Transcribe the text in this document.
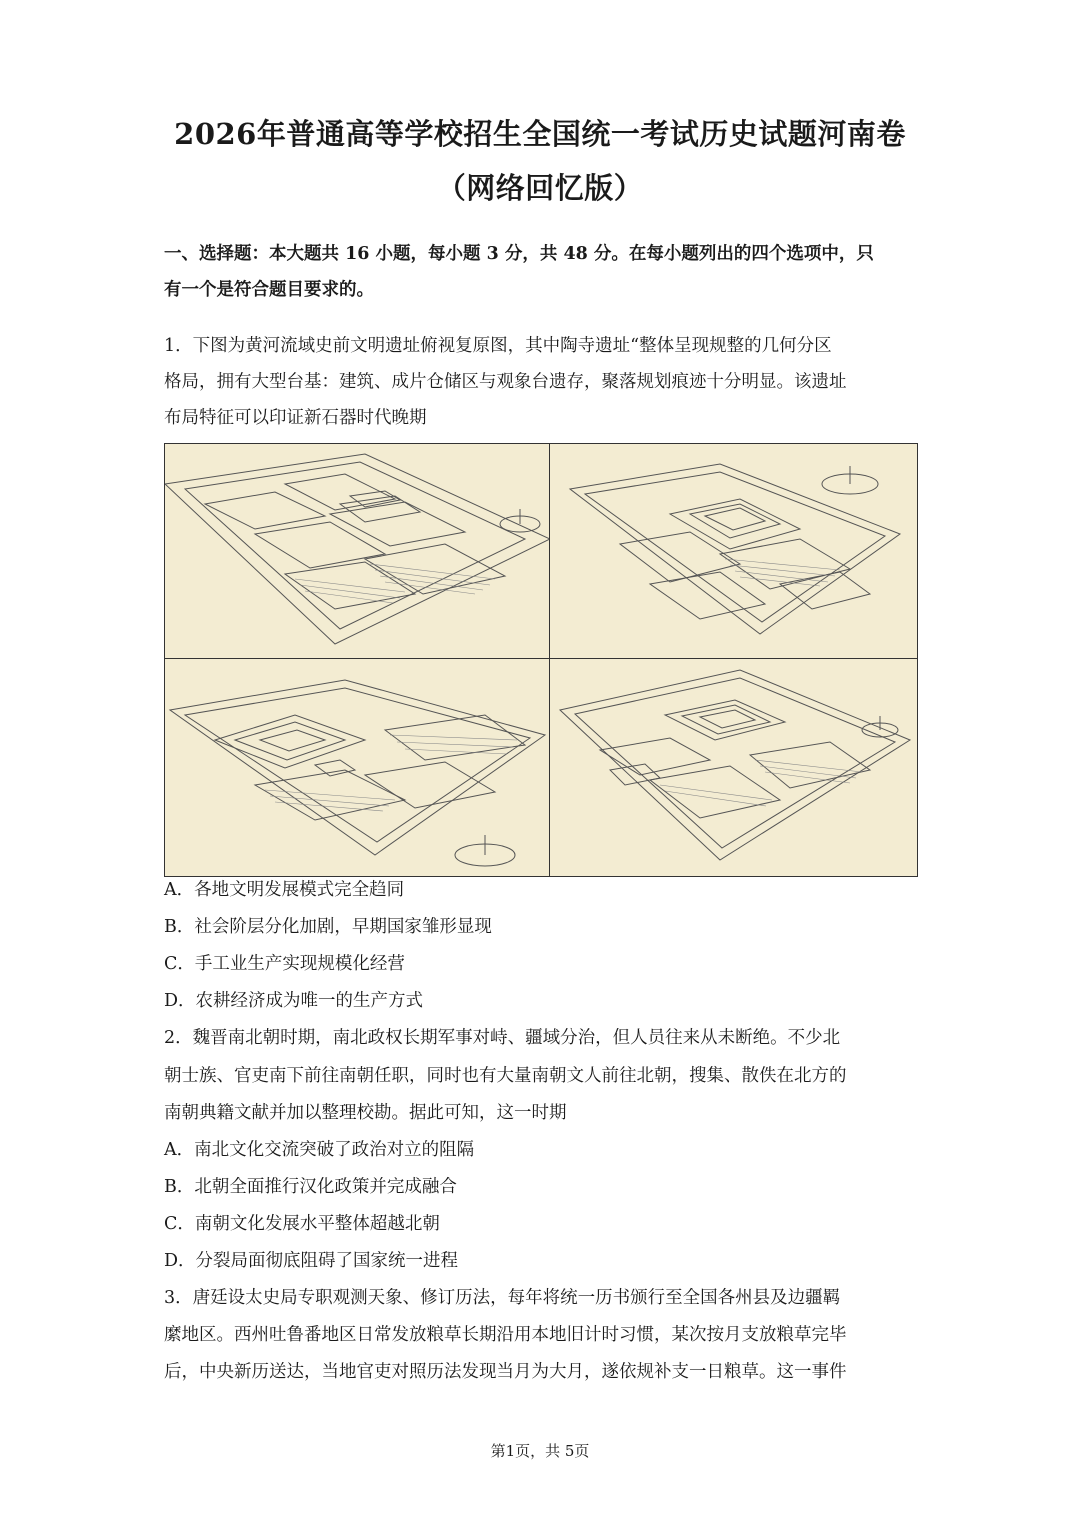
2026年普通高等学校招生全国统一考试历史试题河南卷
（网络回忆版）
一、选择题：本大题共 16 小题，每小题 3 分，共 48 分。在每小题列出的四个选项中，只
有一个是符合题目要求的。
1．下图为黄河流域史前文明遗址俯视复原图，其中陶寺遗址“整体呈现规整的几何分区
格局，拥有大型台基：建筑、成片仓储区与观象台遗存，聚落规划痕迹十分明显。该遗址
布局特征可以印证新石器时代晚期
A．各地文明发展模式完全趋同
B．社会阶层分化加剧，早期国家雏形显现
C．手工业生产实现规模化经营
D．农耕经济成为唯一的生产方式
2．魏晋南北朝时期，南北政权长期军事对峙、疆域分治，但人员往来从未断绝。不少北
朝士族、官吏南下前往南朝任职，同时也有大量南朝文人前往北朝，搜集、散佚在北方的
南朝典籍文献并加以整理校勘。据此可知，这一时期
A．南北文化交流突破了政治对立的阻隔
B．北朝全面推行汉化政策并完成融合
C．南朝文化发展水平整体超越北朝
D．分裂局面彻底阻碍了国家统一进程
3．唐廷设太史局专职观测天象、修订历法，每年将统一历书颁行至全国各州县及边疆羁
縻地区。西州吐鲁番地区日常发放粮草长期沿用本地旧计时习惯，某次按月支放粮草完毕
后，中央新历送达，当地官吏对照历法发现当月为大月，遂依规补支一日粮草。这一事件
第1页，共 5页
